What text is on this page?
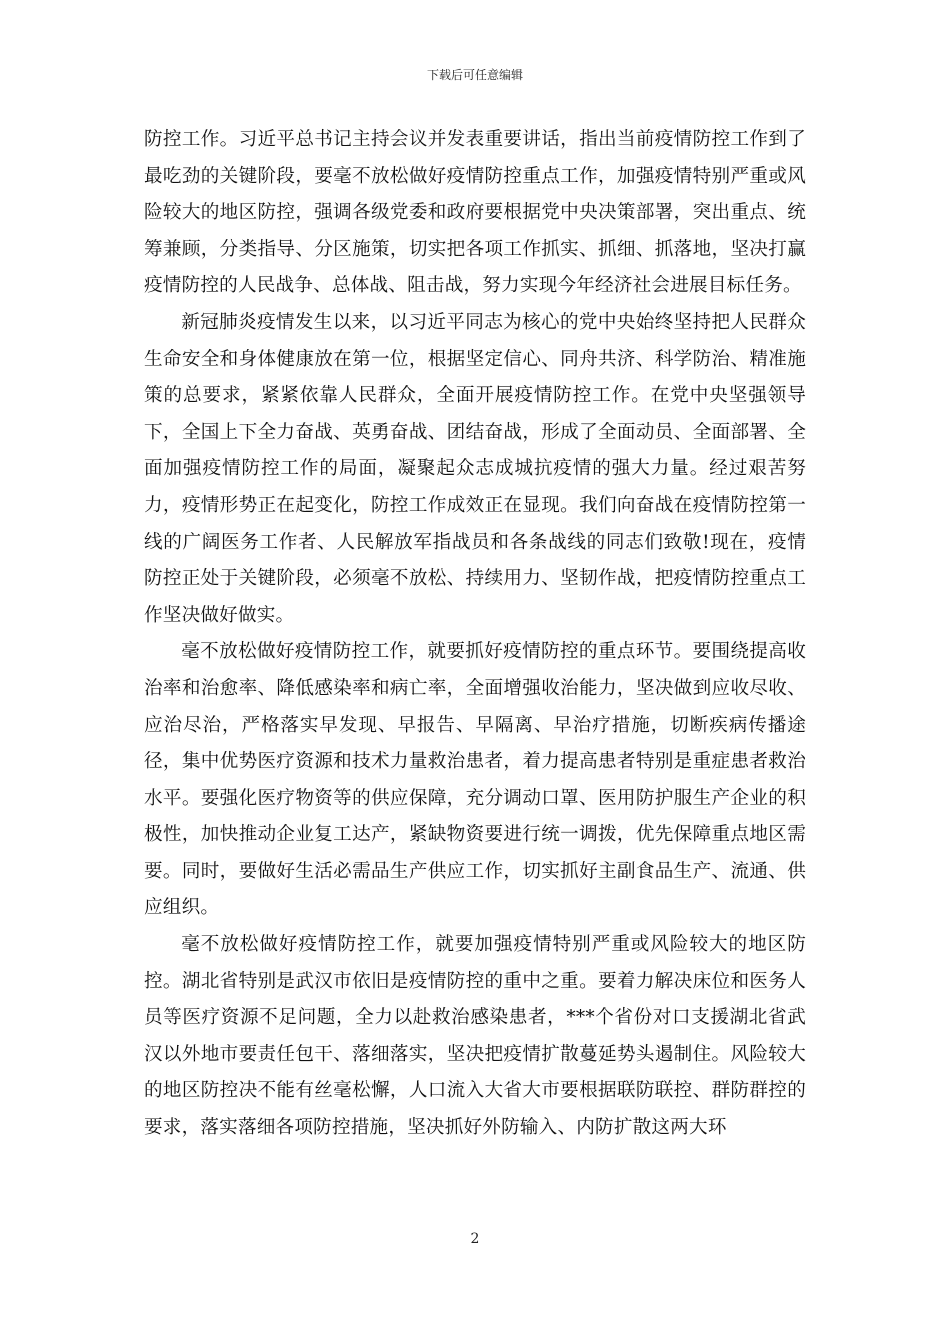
下载后可任意编辑

防控工作。习近平总书记主持会议并发表重要讲话，指出当前疫情防控工作到了最吃劲的关键阶段，要毫不放松做好疫情防控重点工作，加强疫情特别严重或风险较大的地区防控，强调各级党委和政府要根据党中央决策部署，突出重点、统筹兼顾，分类指导、分区施策，切实把各项工作抓实、抓细、抓落地，坚决打赢疫情防控的人民战争、总体战、阻击战，努力实现今年经济社会进展目标任务。

新冠肺炎疫情发生以来，以习近平同志为核心的党中央始终坚持把人民群众生命安全和身体健康放在第一位，根据坚定信心、同舟共济、科学防治、精准施策的总要求，紧紧依靠人民群众，全面开展疫情防控工作。在党中央坚强领导下，全国上下全力奋战、英勇奋战、团结奋战，形成了全面动员、全面部署、全面加强疫情防控工作的局面，凝聚起众志成城抗疫情的强大力量。经过艰苦努力，疫情形势正在起变化，防控工作成效正在显现。我们向奋战在疫情防控第一线的广阔医务工作者、人民解放军指战员和各条战线的同志们致敬!现在，疫情防控正处于关键阶段，必须毫不放松、持续用力、坚韧作战，把疫情防控重点工作坚决做好做实。

毫不放松做好疫情防控工作，就要抓好疫情防控的重点环节。要围绕提高收治率和治愈率、降低感染率和病亡率，全面增强收治能力，坚决做到应收尽收、应治尽治，严格落实早发现、早报告、早隔离、早治疗措施，切断疾病传播途径，集中优势医疗资源和技术力量救治患者，着力提高患者特别是重症患者救治水平。要强化医疗物资等的供应保障，充分调动口罩、医用防护服生产企业的积极性，加快推动企业复工达产，紧缺物资要进行统一调拨，优先保障重点地区需要。同时，要做好生活必需品生产供应工作，切实抓好主副食品生产、流通、供应组织。

毫不放松做好疫情防控工作，就要加强疫情特别严重或风险较大的地区防控。湖北省特别是武汉市依旧是疫情防控的重中之重。要着力解决床位和医务人员等医疗资源不足问题，全力以赴救治感染患者，***个省份对口支援湖北省武汉以外地市要责任包干、落细落实，坚决把疫情扩散蔓延势头遏制住。风险较大的地区防控决不能有丝毫松懈，人口流入大省大市要根据联防联控、群防群控的要求，落实落细各项防控措施，坚决抓好外防输入、内防扩散这两大环

2
